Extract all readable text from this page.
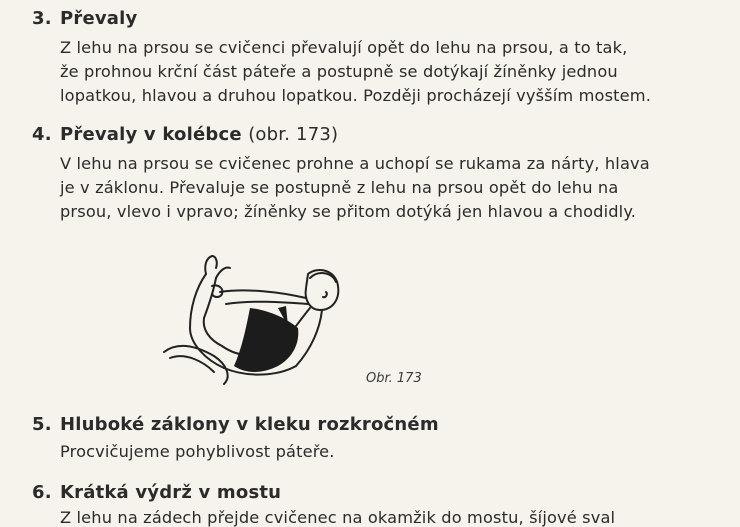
3. Převaly
Z lehu na prsou se cvičenci převalují opět do lehu na prsou, a to tak,
že prohnou krční část páteře a postupně se dotýkají žíněnky jednou
lopatkou, hlavou a druhou lopatkou. Později procházejí vyšším mostem.
4. Převaly v kolébce (obr. 173)
V lehu na prsou se cvičenec prohne a uchopí se rukama za nárty, hlava
je v záklonu. Převaluje se postupně z lehu na prsou opět do lehu na
prsou, vlevo i vpravo; žíněnky se přitom dotýká jen hlavou a chodidly.
Obr. 173
5. Hluboké záklony v kleku rozkročném
Procvičujeme pohyblivost páteře.
6. Krátká výdrž v mostu
Z lehu na zádech přejde cvičenec na okamžik do mostu, šíjové sval
